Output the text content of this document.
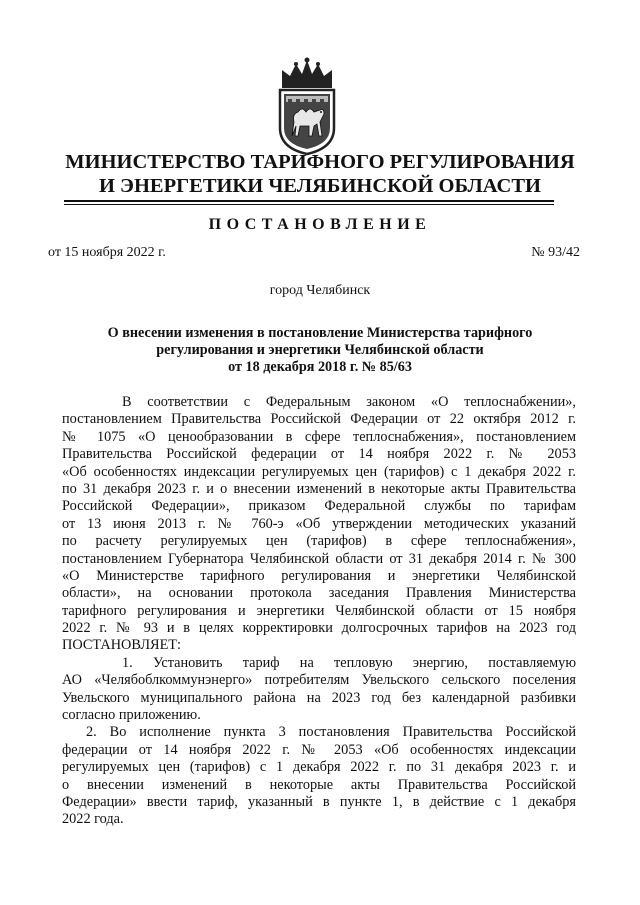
МИНИСТЕРСТВО ТАРИФНОГО РЕГУЛИРОВАНИЯ
И ЭНЕРГЕТИКИ ЧЕЛЯБИНСКОЙ ОБЛАСТИ
ПОСТАНОВЛЕНИЕ
от 15 ноября 2022 г.	№ 93/42
город Челябинск
О внесении изменения в постановление Министерства тарифного
регулирования и энергетики Челябинской области
от 18 декабря 2018 г. № 85/63
В соответствии с Федеральным законом «О теплоснабжении»,
постановлением Правительства Российской Федерации от 22 октября 2012 г.
№ 1075 «О ценообразовании в сфере теплоснабжения», постановлением
Правительства Российской федерации от 14 ноября 2022 г. № 2053
«Об особенностях индексации регулируемых цен (тарифов) с 1 декабря 2022 г.
по 31 декабря 2023 г. и о внесении изменений в некоторые акты Правительства
Российской Федерации», приказом Федеральной службы по тарифам
от 13 июня 2013 г. № 760-э «Об утверждении методических указаний
по расчету регулируемых цен (тарифов) в сфере теплоснабжения»,
постановлением Губернатора Челябинской области от 31 декабря 2014 г. № 300
«О Министерстве тарифного регулирования и энергетики Челябинской
области», на основании протокола заседания Правления Министерства
тарифного регулирования и энергетики Челябинской области от 15 ноября
2022 г. № 93 и в целях корректировки долгосрочных тарифов на 2023 год
ПОСТАНОВЛЯЕТ:
1. Установить тариф на тепловую энергию, поставляемую
АО «Челябоблкоммунэнерго» потребителям Увельского сельского поселения
Увельского муниципального района на 2023 год без календарной разбивки
согласно приложению.
2. Во исполнение пункта 3 постановления Правительства Российской
федерации от 14 ноября 2022 г. № 2053 «Об особенностях индексации
регулируемых цен (тарифов) с 1 декабря 2022 г. по 31 декабря 2023 г. и
о внесении изменений в некоторые акты Правительства Российской
Федерации» ввести тариф, указанный в пункте 1, в действие с 1 декабря
2022 года.
